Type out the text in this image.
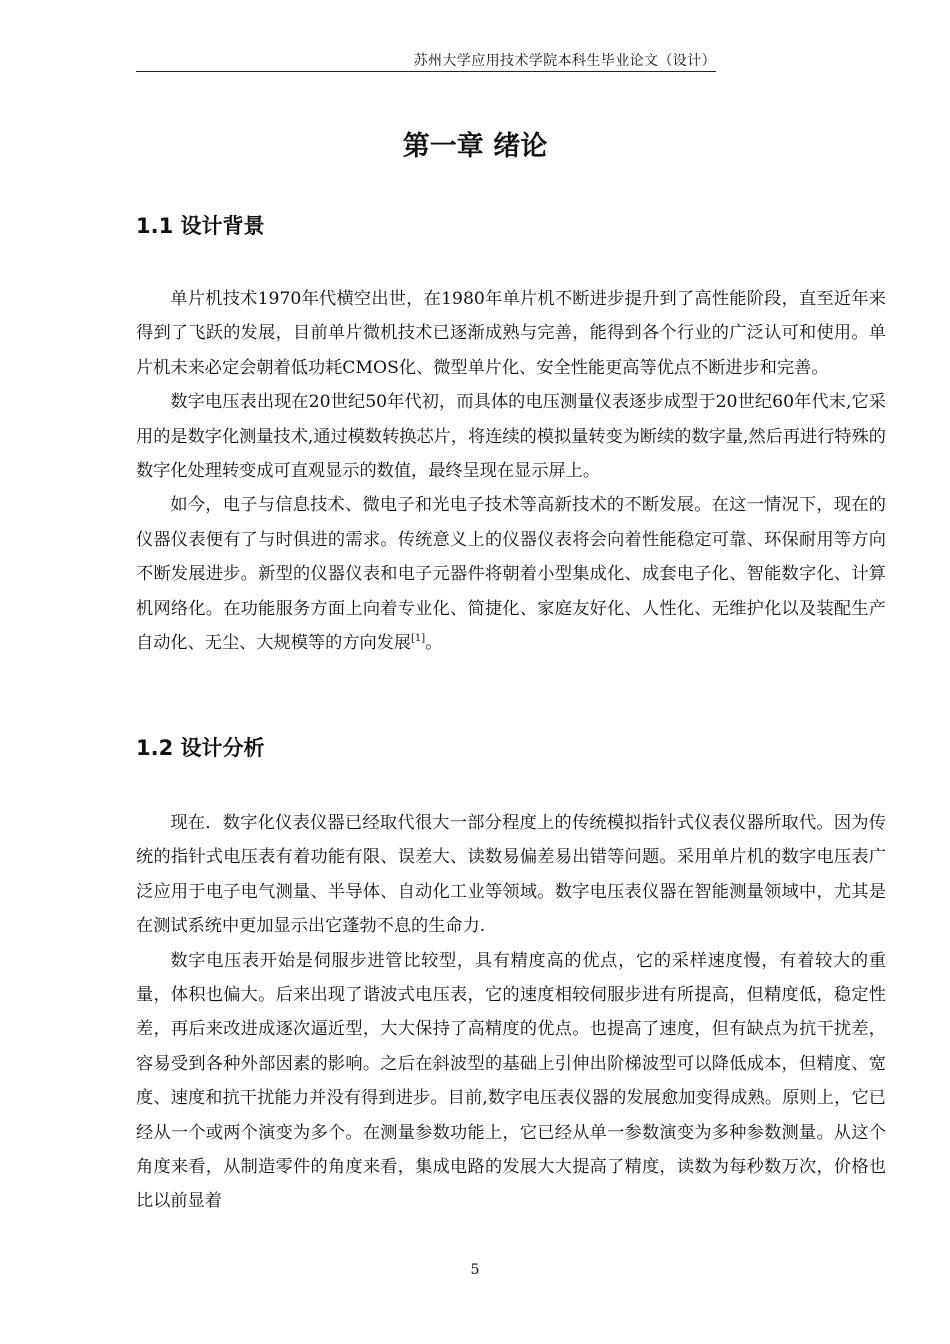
苏州大学应用技术学院本科生毕业论文（设计）
第一章 绪论
1.1 设计背景

单片机技术1970年代横空出世，在1980年单片机不断进步提升到了高性能阶段，直至近年来得到了飞跃的发展，目前单片微机技术已逐渐成熟与完善，能得到各个行业的广泛认可和使用。单片机未来必定会朝着低功耗CMOS化、微型单片化、安全性能更高等优点不断进步和完善。

数字电压表出现在20世纪50年代初，而具体的电压测量仪表逐步成型于20世纪60年代末,它采用的是数字化测量技术,通过模数转换芯片，将连续的模拟量转变为断续的数字量,然后再进行特殊的数字化处理转变成可直观显示的数值，最终呈现在显示屏上。

如今，电子与信息技术、微电子和光电子技术等高新技术的不断发展。在这一情况下，现在的仪器仪表便有了与时俱进的需求。传统意义上的仪器仪表将会向着性能稳定可靠、环保耐用等方向不断发展进步。新型的仪器仪表和电子元器件将朝着小型集成化、成套电子化、智能数字化、计算机网络化。在功能服务方面上向着专业化、简捷化、家庭友好化、人性化、无维护化以及装配生产自动化、无尘、大规模等的方向发展[1]。

1.2 设计分析

现在．数字化仪表仪器已经取代很大一部分程度上的传统模拟指针式仪表仪器所取代。因为传统的指针式电压表有着功能有限、误差大、读数易偏差易出错等问题。采用单片机的数字电压表广泛应用于电子电气测量、半导体、自动化工业等领域。数字电压表仪器在智能测量领域中，尤其是在测试系统中更加显示出它蓬勃不息的生命力.

数字电压表开始是伺服步进管比较型，具有精度高的优点，它的采样速度慢，有着较大的重量，体积也偏大。后来出现了谐波式电压表，它的速度相较伺服步进有所提高，但精度低，稳定性差，再后来改进成逐次逼近型，大大保持了高精度的优点。也提高了速度，但有缺点为抗干扰差，容易受到各种外部因素的影响。之后在斜波型的基础上引伸出阶梯波型可以降低成本，但精度、宽度、速度和抗干扰能力并没有得到进步。目前,数字电压表仪器的发展愈加变得成熟。原则上，它已经从一个或两个演变为多个。在测量参数功能上，它已经从单一参数演变为多种参数测量。从这个角度来看，从制造零件的角度来看，集成电路的发展大大提高了精度，读数为每秒数万次，价格也比以前显着

5
